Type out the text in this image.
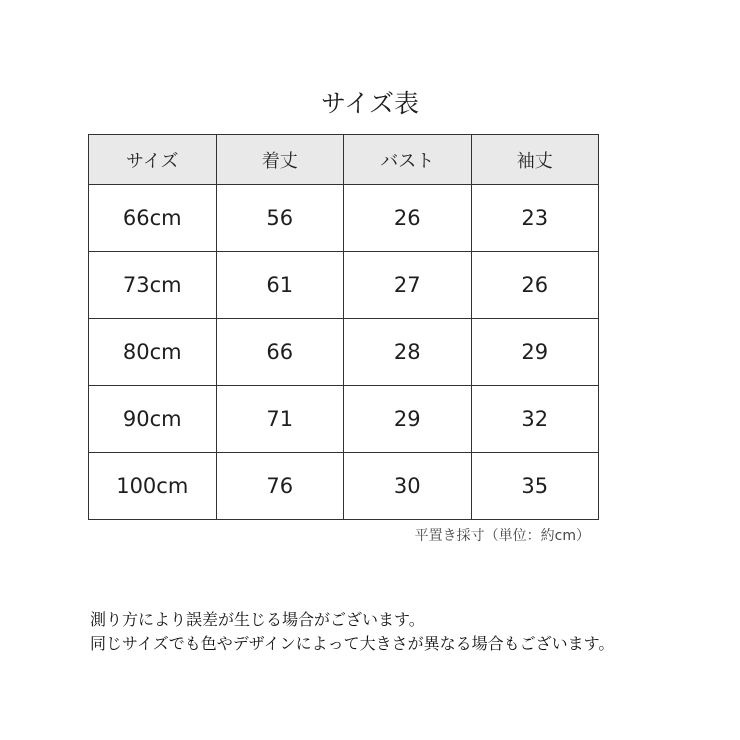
サイズ表
サイズ	着丈	バスト	袖丈
66cm	56	26	23
73cm	61	27	26
80cm	66	28	29
90cm	71	29	32
100cm	76	30	35
平置き採寸（単位：約cm）
測り方により誤差が生じる場合がございます。
同じサイズでも色やデザインによって大きさが異なる場合もございます。
